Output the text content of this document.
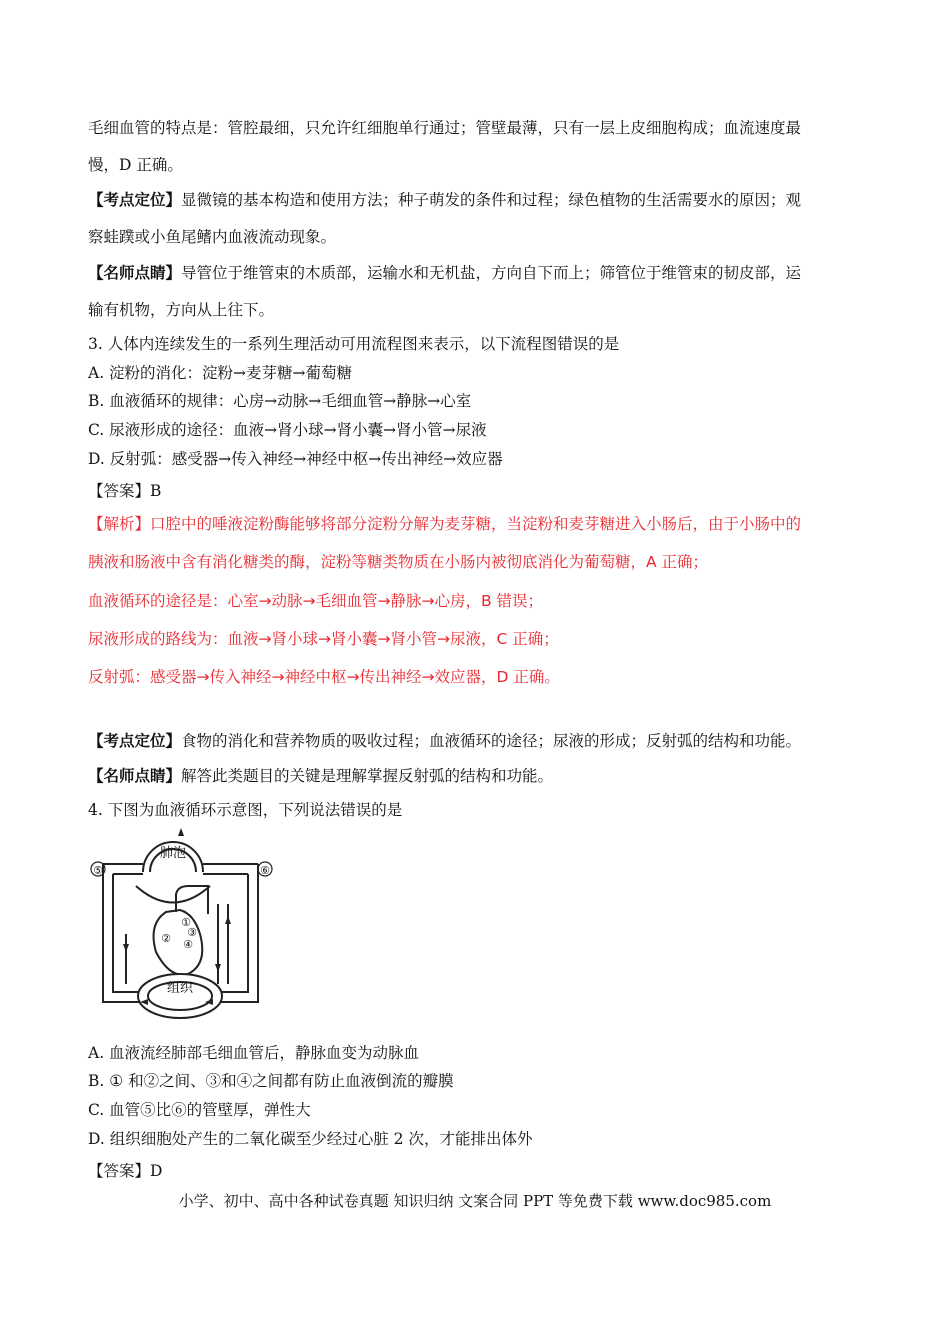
毛细血管的特点是：管腔最细，只允许红细胞单行通过；管壁最薄，只有一层上皮细胞构成；血流速度最
慢，D 正确。
【考点定位】显微镜的基本构造和使用方法；种子萌发的条件和过程；绿色植物的生活需要水的原因；观
察蛙蹼或小鱼尾鳍内血液流动现象。
【名师点睛】导管位于维管束的木质部，运输水和无机盐，方向自下而上；筛管位于维管束的韧皮部，运
输有机物，方向从上往下。
3. 人体内连续发生的一系列生理活动可用流程图来表示，以下流程图错误的是
A. 淀粉的消化：淀粉→麦芽糖→葡萄糖
B. 血液循环的规律：心房→动脉→毛细血管→静脉→心室
C. 尿液形成的途径：血液→肾小球→肾小囊→肾小管→尿液
D. 反射弧：感受器→传入神经→神经中枢→传出神经→效应器
【答案】B
【解析】口腔中的唾液淀粉酶能够将部分淀粉分解为麦芽糖，当淀粉和麦芽糖进入小肠后，由于小肠中的
胰液和肠液中含有消化糖类的酶，淀粉等糖类物质在小肠内被彻底消化为葡萄糖，A 正确；
血液循环的途径是：心室→动脉→毛细血管→静脉→心房，B 错误；
尿液形成的路线为：血液→肾小球→肾小囊→肾小管→尿液，C 正确；
反射弧：感受器→传入神经→神经中枢→传出神经→效应器，D 正确。
【考点定位】食物的消化和营养物质的吸收过程；血液循环的途径；尿液的形成；反射弧的结构和功能。
【名师点睛】解答此类题目的关键是理解掌握反射弧的结构和功能。
4. 下图为血液循环示意图，下列说法错误的是
肺泡
组织
⑤	⑥
①
② ③
④
A. 血液流经肺部毛细血管后，静脉血变为动脉血
B. ① 和②之间、③和④之间都有防止血液倒流的瓣膜
C. 血管⑤比⑥的管壁厚，弹性大
D. 组织细胞处产生的二氧化碳至少经过心脏 2 次，才能排出体外
【答案】D
小学、初中、高中各种试卷真题 知识归纳 文案合同 PPT 等免费下载 www.doc985.com
